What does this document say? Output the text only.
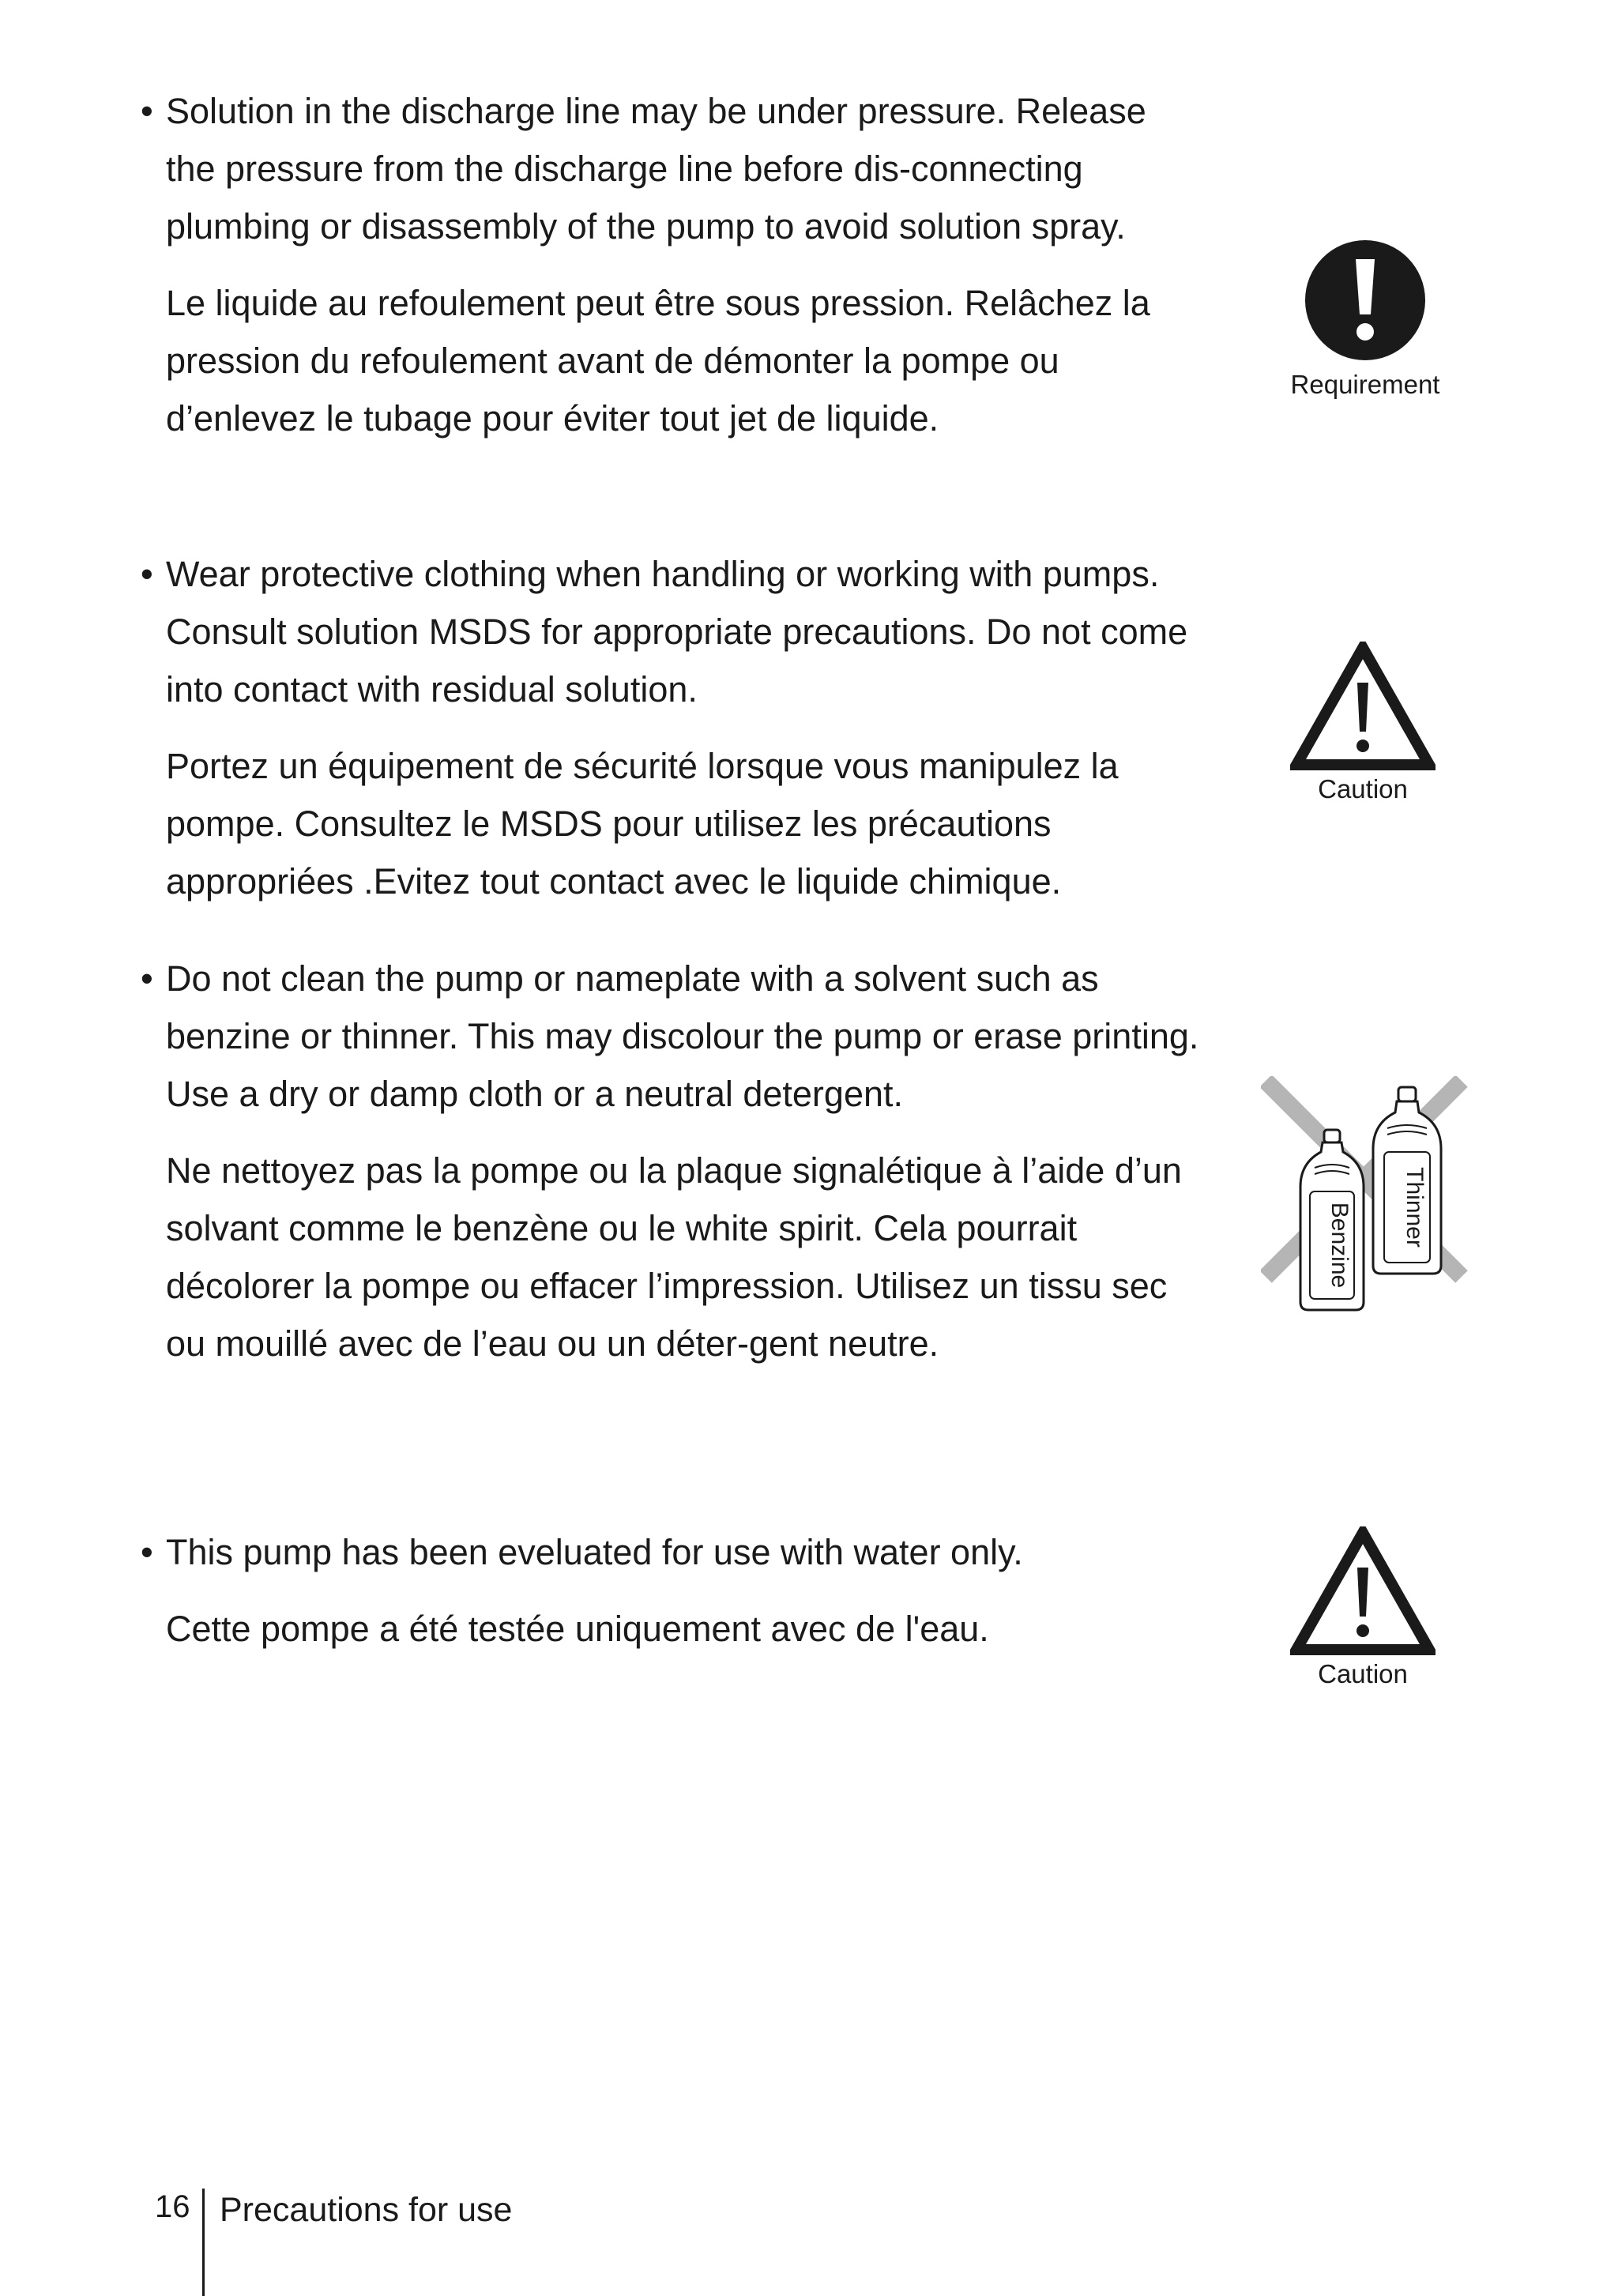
• Solution in the discharge line may be under pressure. Release the pressure from the discharge line before dis-connecting plumbing or disassembly of the pump to avoid solution spray.

Le liquide au refoulement peut être sous pression. Relâchez la pression du refoulement avant de démonter la pompe ou d’enlevez le tubage pour éviter tout jet de liquide.

Requirement
• Wear protective clothing when handling or working with pumps. Consult solution MSDS for appropriate precautions. Do not come into contact with residual solution.

Portez un équipement de sécurité lorsque vous manipulez la pompe. Consultez le MSDS pour utilisez les précautions appropriées .Evitez tout contact avec le liquide chimique.

Caution
• Do not clean the pump or nameplate with a solvent such as benzine or thinner. This may discolour the pump or erase printing. Use a dry or damp cloth or a neutral detergent.

Ne nettoyez pas la pompe ou la plaque signalétique à l’aide d’un solvant comme le benzène ou le white spirit. Cela pourrait décolorer la pompe ou effacer l’impression. Utilisez un tissu sec ou mouillé avec de l’eau ou un déter-gent neutre.

Benzine Thinner
• This pump has been eveluated for use with water only.

Cette pompe a été testée uniquement avec de l'eau.

Caution
16 Precautions for use
